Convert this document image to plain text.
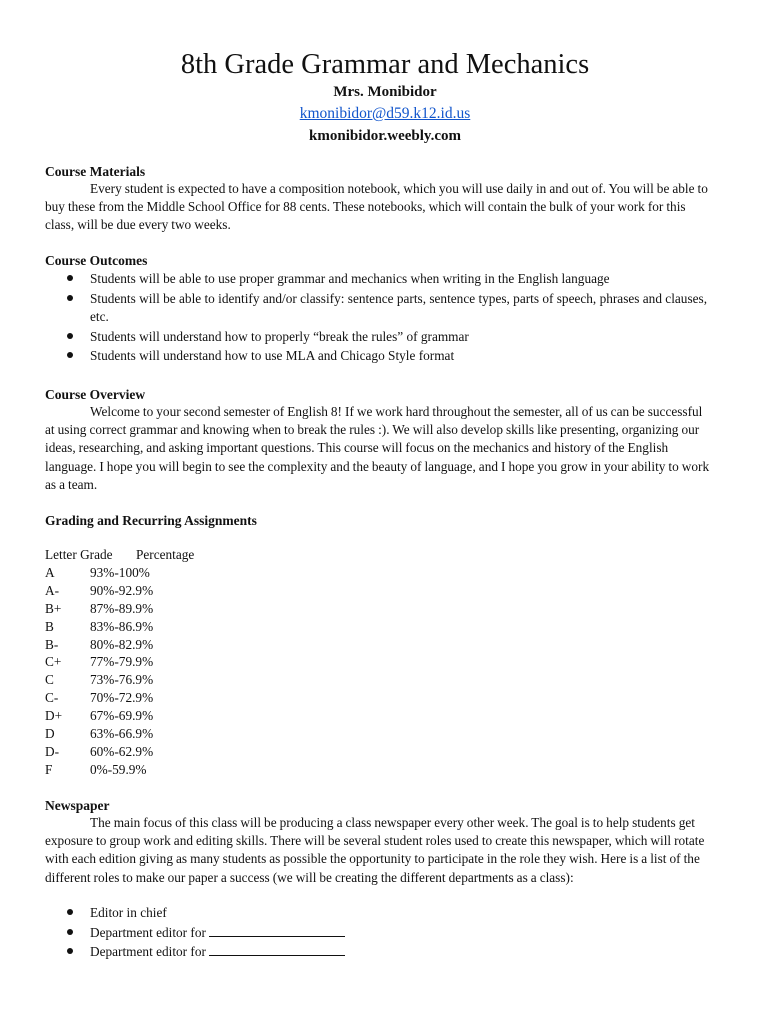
8th Grade Grammar and Mechanics
Mrs. Monibidor
kmonibidor@d59.k12.id.us
kmonibidor.weebly.com
Course Materials
Every student is expected to have a composition notebook, which you will use daily in and out of. You will be able to buy these from the Middle School Office for 88 cents. These notebooks, which will contain the bulk of your work for this class, will be due every two weeks.
Course Outcomes
Students will be able to use proper grammar and mechanics when writing in the English language
Students will be able to identify and/or classify: sentence parts, sentence types, parts of speech, phrases and clauses, etc.
Students will understand how to properly “break the rules” of grammar
Students will understand how to use MLA and Chicago Style format
Course Overview
Welcome to your second semester of English 8! If we work hard throughout the semester, all of us can be successful at using correct grammar and knowing when to break the rules :). We will also develop skills like presenting, organizing our ideas, researching, and asking important questions. This course will focus on the mechanics and history of the English language. I hope you will begin to see the complexity and the beauty of language, and I hope you grow in your ability to work as a team.
Grading and Recurring Assignments
Letter Grade	Percentage
A	93%-100%
A-	90%-92.9%
B+	87%-89.9%
B	83%-86.9%
B-	80%-82.9%
C+	77%-79.9%
C	73%-76.9%
C-	70%-72.9%
D+	67%-69.9%
D	63%-66.9%
D-	60%-62.9%
F	0%-59.9%
Newspaper
The main focus of this class will be producing a class newspaper every other week. The goal is to help students get exposure to group work and editing skills. There will be several student roles used to create this newspaper, which will rotate with each edition giving as many students as possible the opportunity to participate in the role they wish. Here is a list of the different roles to make our paper a success (we will be creating the different departments as a class):
Editor in chief
Department editor for
Department editor for
